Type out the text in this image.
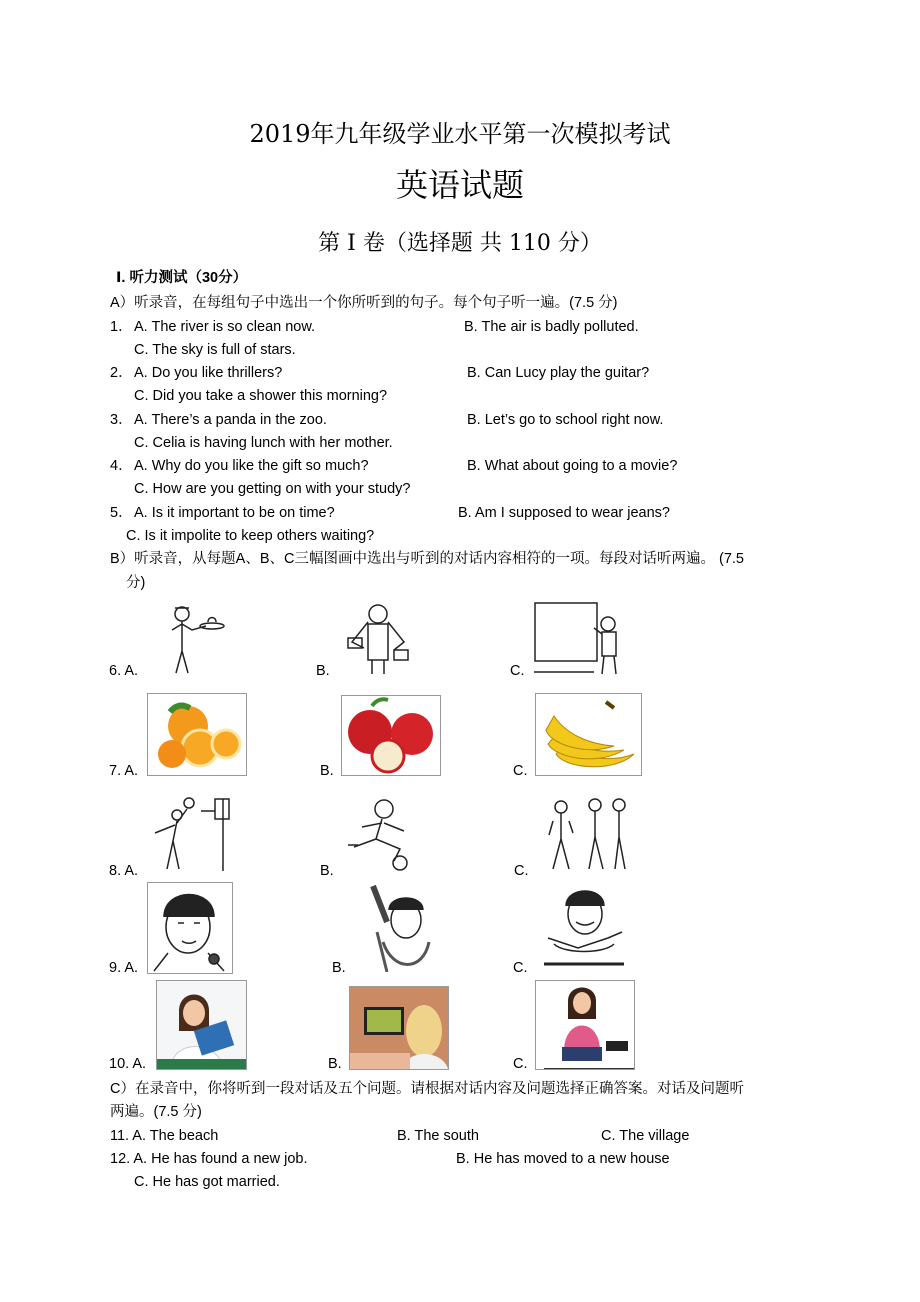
2019年九年级学业水平第一次模拟考试
英语试题
第 I 卷（选择题 共 110 分）
Ⅰ. 听力测试（30分）
A）听录音，在每组句子中选出一个你所听到的句子。每个句子听一遍。(7.5 分)
1． A. The river is so clean now.	B. The air is badly polluted.
C. The sky is full of stars.
2． A. Do you like thrillers?	B. Can Lucy play the guitar?
C. Did you take a shower this morning?
3． A. There’s a panda in the zoo.	B. Let’s go to school right now.
C. Celia is having lunch with her mother.
4． A. Why do you like the gift so much?	B. What about going to a movie?
C. How are you getting on with your study?
5． A. Is it important to be on time?	B. Am I supposed to wear jeans?
C. Is it impolite to keep others waiting?
B）听录音，从每题A、B、C三幅图画中选出与听到的对话内容相符的一项。每段对话听两遍。 (7.5
分)
6. A.	B.	C.
7. A.	B.	C.
8. A.	B.	C.
9. A.	B.	C.
10. A.	B.	C.
C）在录音中，你将听到一段对话及五个问题。请根据对话内容及问题选择正确答案。对话及问题听
两遍。(7.5 分)
11. A. The beach	B. The south	C. The village
12. A. He has found a new job.	B. He has moved to a new house
C. He has got married.
